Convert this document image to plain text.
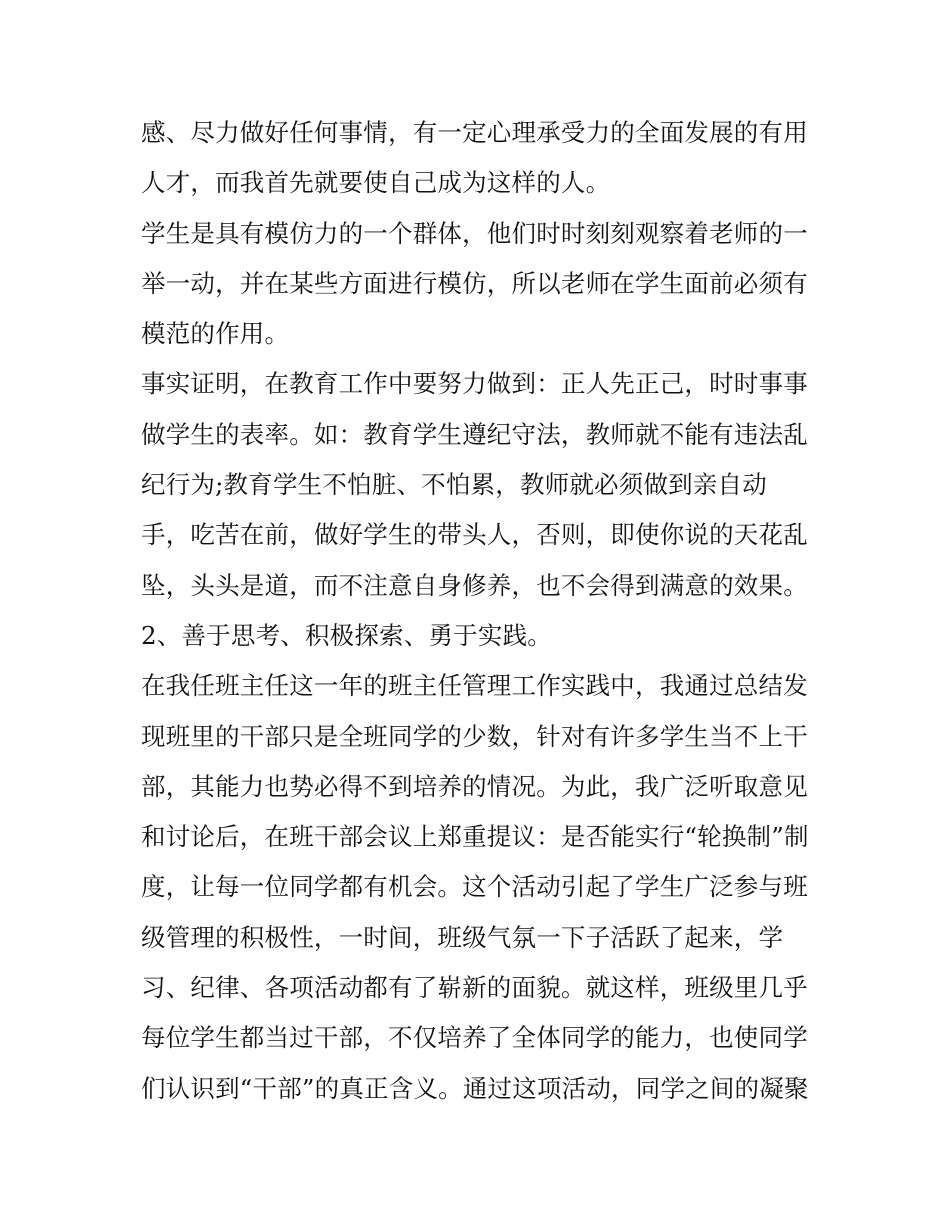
感、尽力做好任何事情，有一定心理承受力的全面发展的有用
人才，而我首先就要使自己成为这样的人。
学生是具有模仿力的一个群体，他们时时刻刻观察着老师的一
举一动，并在某些方面进行模仿，所以老师在学生面前必须有
模范的作用。
事实证明，在教育工作中要努力做到：正人先正己，时时事事
做学生的表率。如：教育学生遵纪守法，教师就不能有违法乱
纪行为;教育学生不怕脏、不怕累，教师就必须做到亲自动
手，吃苦在前，做好学生的带头人，否则，即使你说的天花乱
坠，头头是道，而不注意自身修养，也不会得到满意的效果。
2、善于思考、积极探索、勇于实践。
在我任班主任这一年的班主任管理工作实践中，我通过总结发
现班里的干部只是全班同学的少数，针对有许多学生当不上干
部，其能力也势必得不到培养的情况。为此，我广泛听取意见
和讨论后，在班干部会议上郑重提议：是否能实行“轮换制”制
度，让每一位同学都有机会。这个活动引起了学生广泛参与班
级管理的积极性，一时间，班级气氛一下子活跃了起来，学
习、纪律、各项活动都有了崭新的面貌。就这样，班级里几乎
每位学生都当过干部，不仅培养了全体同学的能力，也使同学
们认识到“干部”的真正含义。通过这项活动，同学之间的凝聚
